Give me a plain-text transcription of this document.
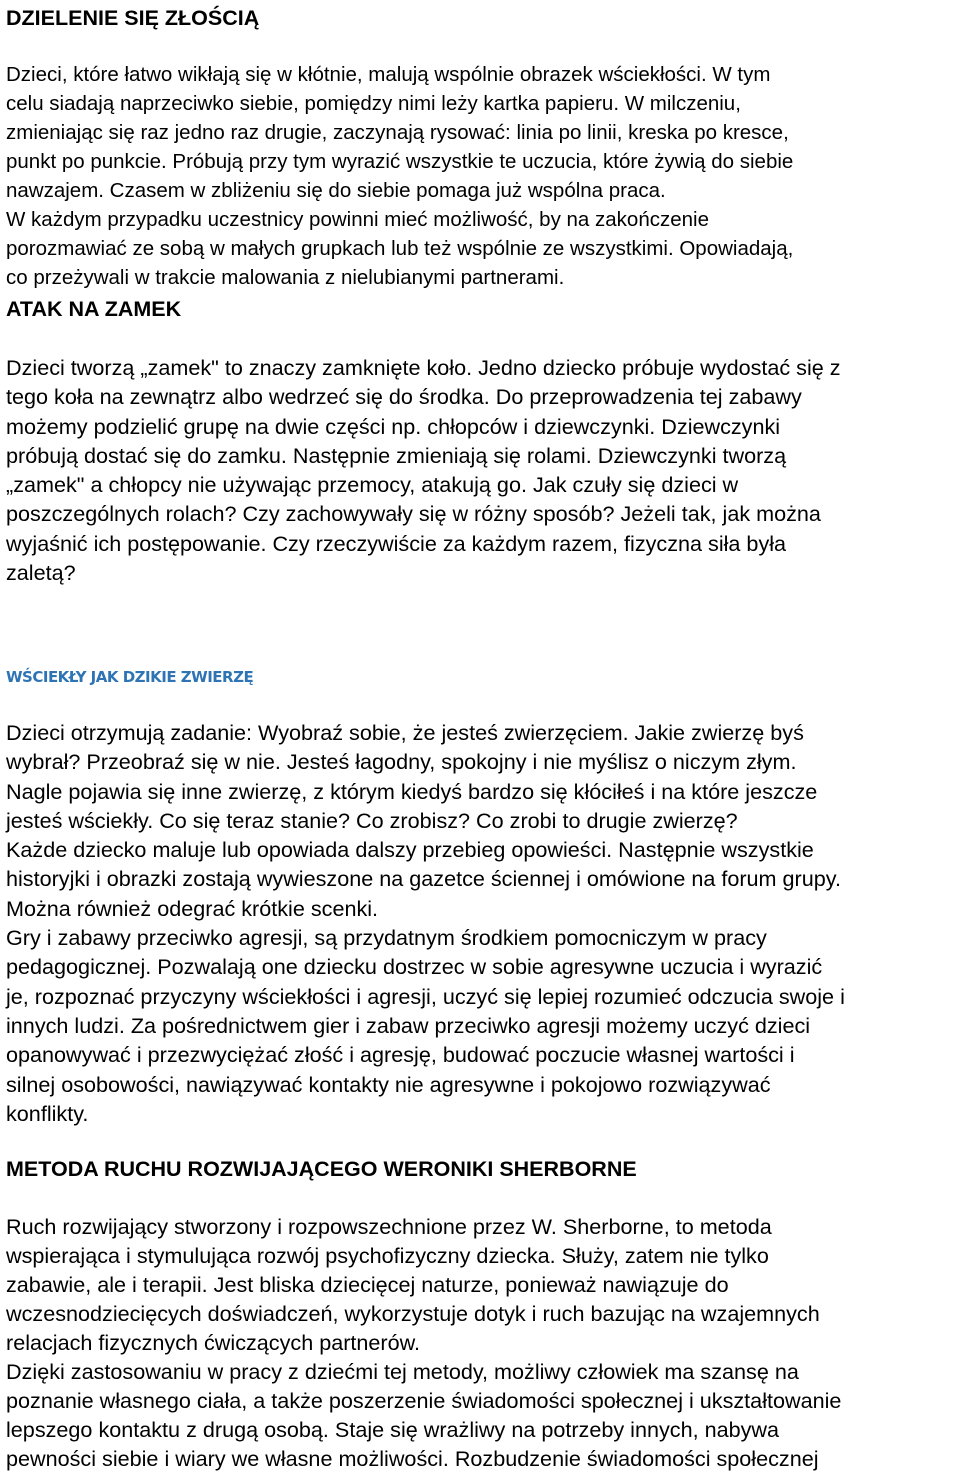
DZIELENIE SIĘ ZŁOŚCIĄ
Dzieci, które łatwo wikłają się w kłótnie, malują wspólnie obrazek wściekłości. W tym
celu siadają naprzeciwko siebie, pomiędzy nimi leży kartka papieru. W milczeniu,
zmieniając się raz jedno raz drugie, zaczynają rysować: linia po linii, kreska po kresce,
punkt po punkcie. Próbują przy tym wyrazić wszystkie te uczucia, które żywią do siebie
nawzajem. Czasem w zbliżeniu się do siebie pomaga już wspólna praca.
W każdym przypadku uczestnicy powinni mieć możliwość, by na zakończenie
porozmawiać ze sobą w małych grupkach lub też wspólnie ze wszystkimi. Opowiadają,
co przeżywali w trakcie malowania z nielubianymi partnerami.
ATAK NA ZAMEK
Dzieci tworzą „zamek" to znaczy zamknięte koło. Jedno dziecko próbuje wydostać się z
tego koła na zewnątrz albo wedrzeć się do środka. Do przeprowadzenia tej zabawy
możemy podzielić grupę na dwie części np. chłopców i dziewczynki. Dziewczynki
próbują dostać się do zamku. Następnie zmieniają się rolami. Dziewczynki tworzą
„zamek" a chłopcy nie używając przemocy, atakują go. Jak czuły się dzieci w
poszczególnych rolach? Czy zachowywały się w różny sposób? Jeżeli tak, jak można
wyjaśnić ich postępowanie. Czy rzeczywiście za każdym razem, fizyczna siła była
zaletą?
WŚCIEKŁY JAK DZIKIE ZWIERZĘ
Dzieci otrzymują zadanie: Wyobraź sobie, że jesteś zwierzęciem. Jakie zwierzę byś
wybrał? Przeobraź się w nie. Jesteś łagodny, spokojny i nie myślisz o niczym złym.
Nagle pojawia się inne zwierzę, z którym kiedyś bardzo się kłóciłeś i na które jeszcze
jesteś wściekły. Co się teraz stanie? Co zrobisz? Co zrobi to drugie zwierzę?
Każde dziecko maluje lub opowiada dalszy przebieg opowieści. Następnie wszystkie
historyjki i obrazki zostają wywieszone na gazetce ściennej i omówione na forum grupy.
Można również odegrać krótkie scenki.
Gry i zabawy przeciwko agresji, są przydatnym środkiem pomocniczym w pracy
pedagogicznej. Pozwalają one dziecku dostrzec w sobie agresywne uczucia i wyrazić
je, rozpoznać przyczyny wściekłości i agresji, uczyć się lepiej rozumieć odczucia swoje i
innych ludzi. Za pośrednictwem gier i zabaw przeciwko agresji możemy uczyć dzieci
opanowywać i przezwyciężać złość i agresję, budować poczucie własnej wartości i
silnej osobowości, nawiązywać kontakty nie agresywne i pokojowo rozwiązywać
konflikty.
METODA RUCHU ROZWIJAJĄCEGO WERONIKI SHERBORNE
Ruch rozwijający stworzony i rozpowszechnione przez W. Sherborne, to metoda
wspierająca i stymulująca rozwój psychofizyczny dziecka. Służy, zatem nie tylko
zabawie, ale i terapii. Jest bliska dziecięcej naturze, ponieważ nawiązuje do
wczesnodziecięcych doświadczeń, wykorzystuje dotyk i ruch bazując na wzajemnych
relacjach fizycznych ćwiczących partnerów.
Dzięki zastosowaniu w pracy z dziećmi tej metody, możliwy człowiek ma szansę na
poznanie własnego ciała, a także poszerzenie świadomości społecznej i ukształtowanie
lepszego kontaktu z drugą osobą. Staje się wrażliwy na potrzeby innych, nabywa
pewności siebie i wiary we własne możliwości. Rozbudzenie świadomości społecznej
